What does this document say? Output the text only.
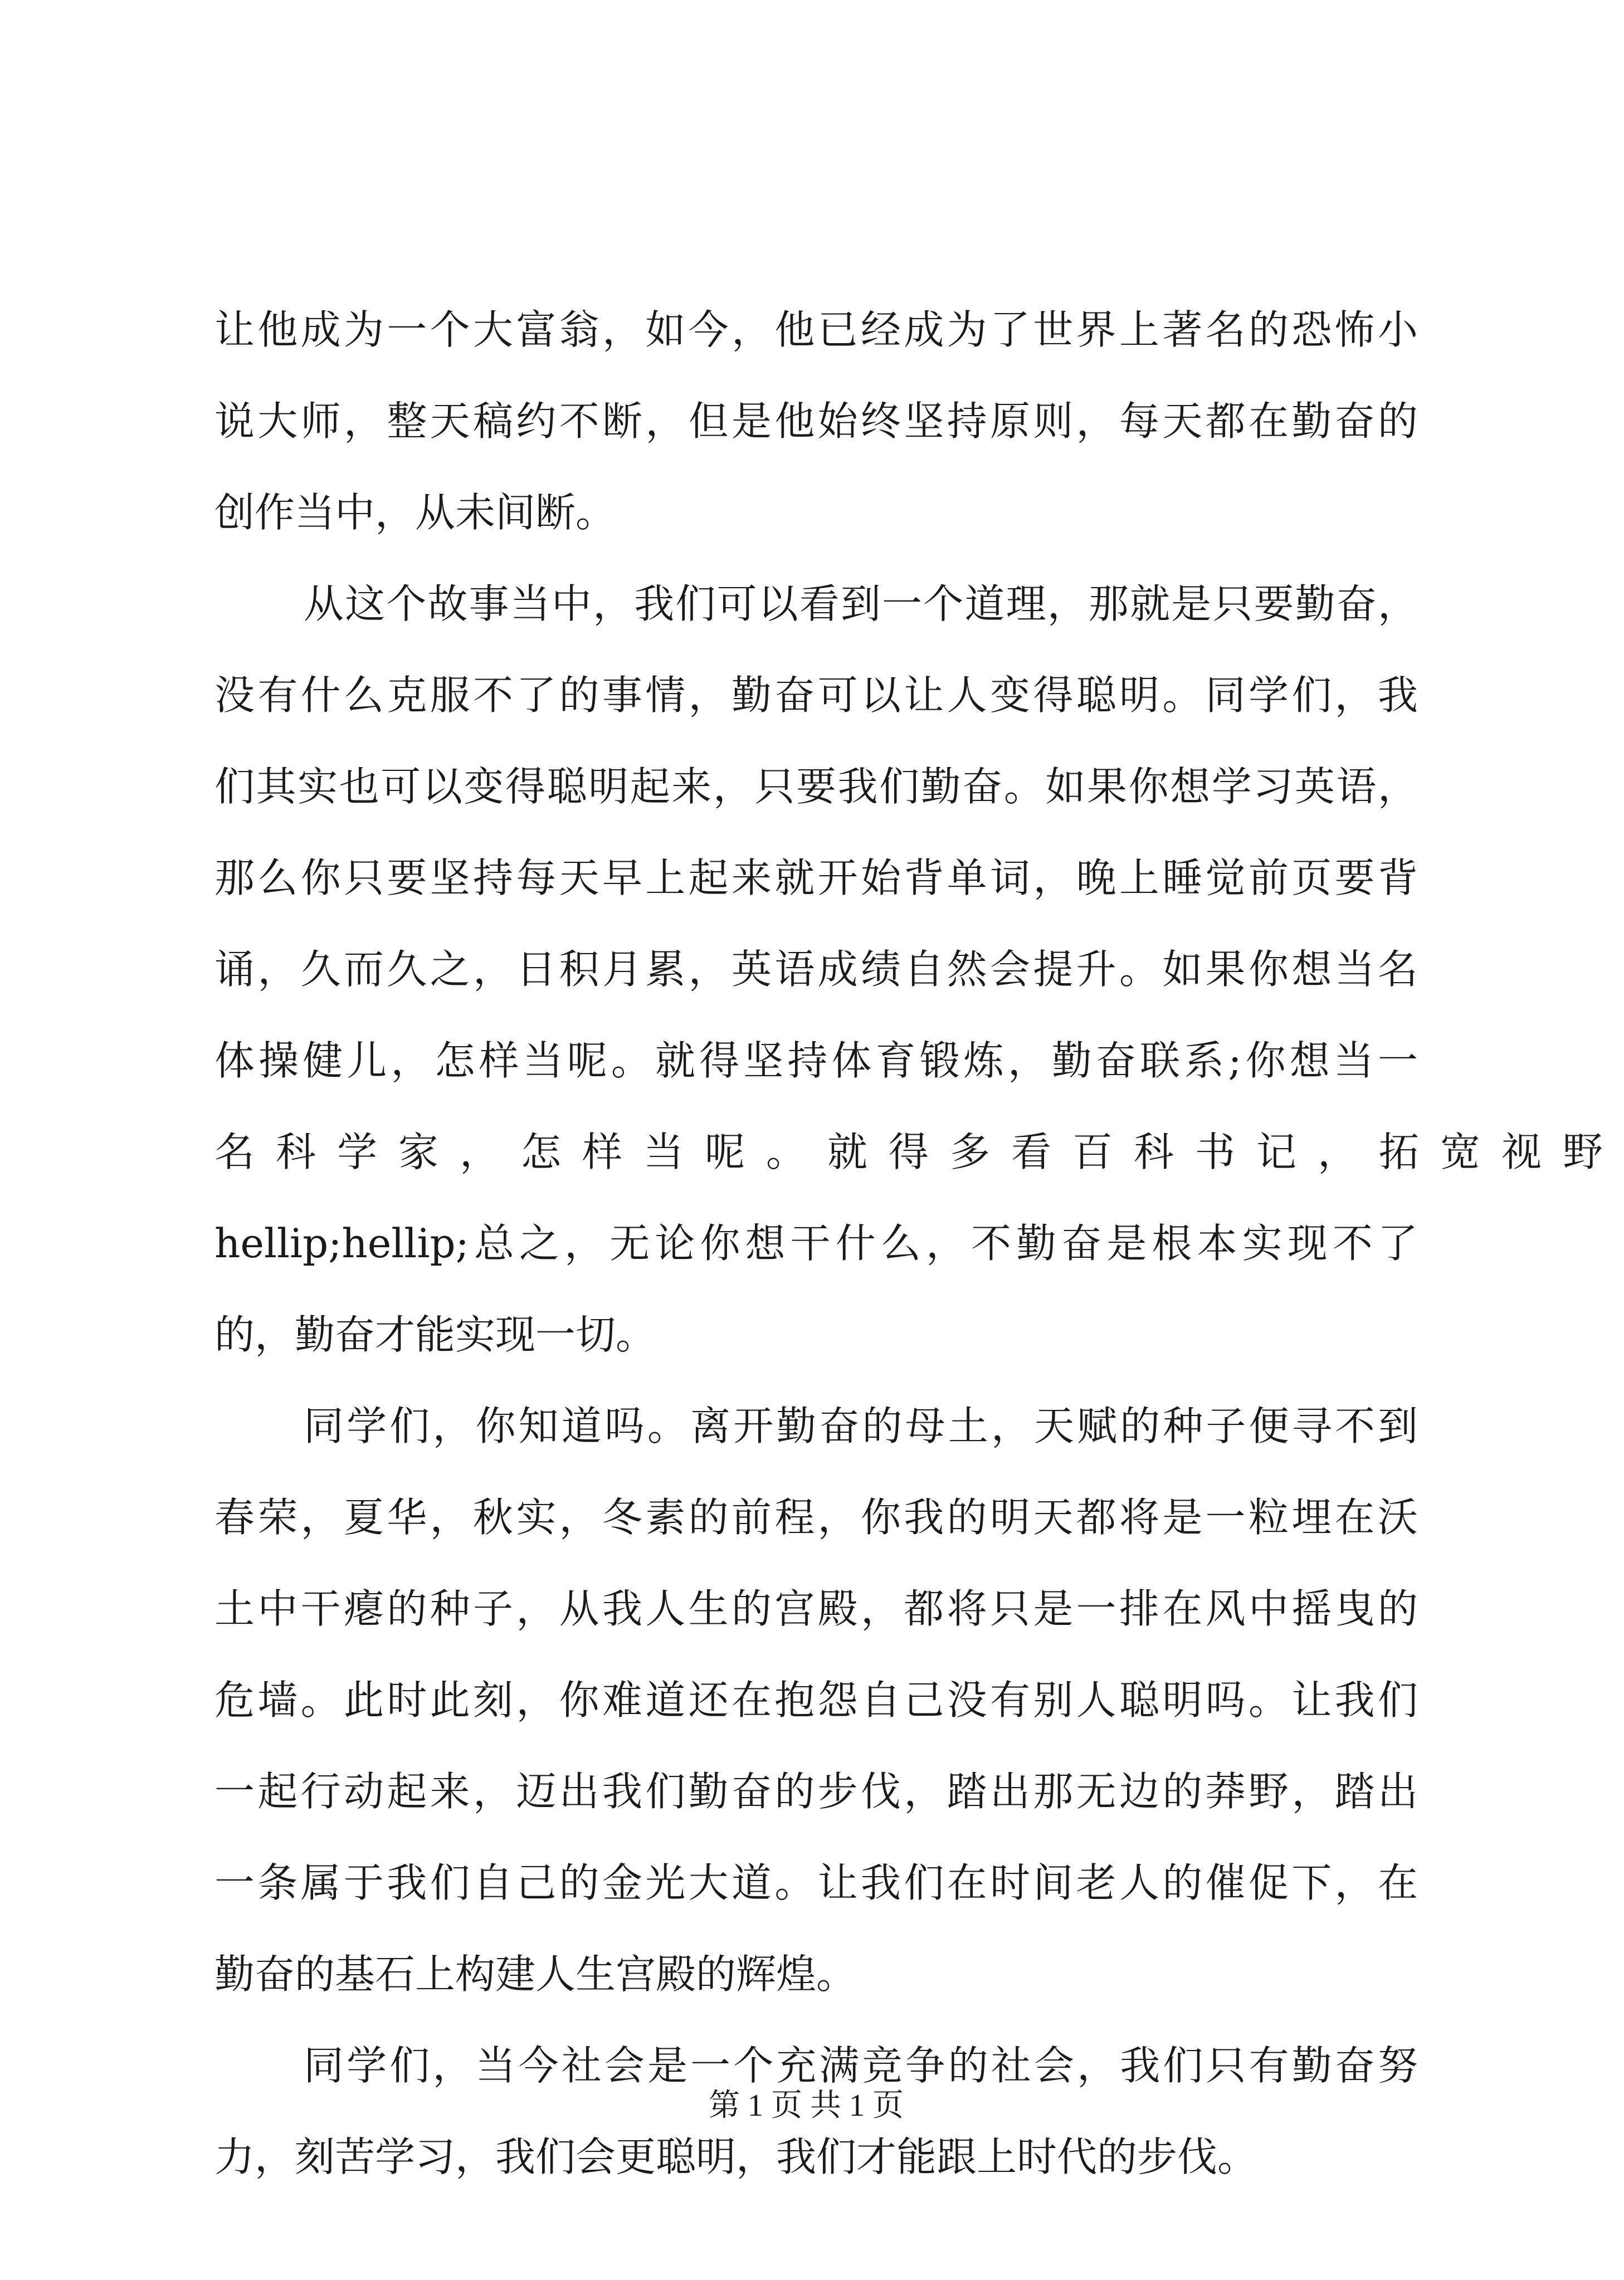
让他成为一个大富翁，如今，他已经成为了世界上著名的恐怖小
说大师，整天稿约不断，但是他始终坚持原则，每天都在勤奋的
创作当中，从未间断。
从这个故事当中，我们可以看到一个道理，那就是只要勤奋，
没有什么克服不了的事情，勤奋可以让人变得聪明。同学们，我
们其实也可以变得聪明起来，只要我们勤奋。如果你想学习英语，
那么你只要坚持每天早上起来就开始背单词，晚上睡觉前页要背
诵，久而久之，日积月累，英语成绩自然会提升。如果你想当名
体操健儿，怎样当呢。就得坚持体育锻炼，勤奋联系;你想当一
名科学家，怎样当呢。就得多看百科书记，拓宽视野
hellip;hellip;总之，无论你想干什么，不勤奋是根本实现不了
的，勤奋才能实现一切。
同学们，你知道吗。离开勤奋的母土，天赋的种子便寻不到
春荣，夏华，秋实，冬素的前程，你我的明天都将是一粒埋在沃
土中干瘪的种子，从我人生的宫殿，都将只是一排在风中摇曳的
危墙。此时此刻，你难道还在抱怨自己没有别人聪明吗。让我们
一起行动起来，迈出我们勤奋的步伐，踏出那无边的莽野，踏出
一条属于我们自己的金光大道。让我们在时间老人的催促下，在
勤奋的基石上构建人生宫殿的辉煌。
同学们，当今社会是一个充满竞争的社会，我们只有勤奋努
力，刻苦学习，我们会更聪明，我们才能跟上时代的步伐。
第 1 页 共 1 页
